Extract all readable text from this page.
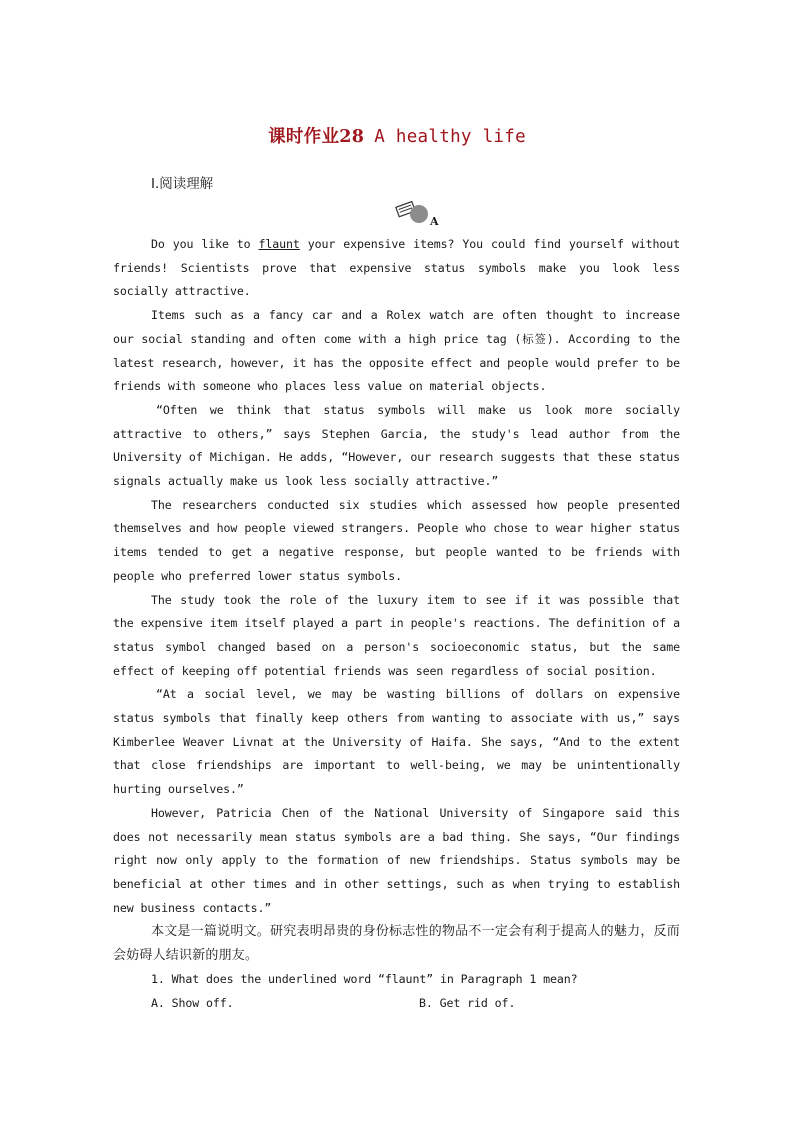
课时作业28 A healthy life
Ⅰ.阅读理解
A

Do you like to flaunt your expensive items? You could find yourself without friends! Scientists prove that expensive status symbols make you look less socially attractive.

Items such as a fancy car and a Rolex watch are often thought to increase our social standing and often come with a high price tag (标签). According to the latest research, however, it has the opposite effect and people would prefer to be friends with someone who places less value on material objects.

“Often we think that status symbols will make us look more socially attractive to others,” says Stephen Garcia, the study's lead author from the University of Michigan. He adds, “However, our research suggests that these status signals actually make us look less socially attractive.”

The researchers conducted six studies which assessed how people presented themselves and how people viewed strangers. People who chose to wear higher status items tended to get a negative response, but people wanted to be friends with people who preferred lower status symbols.

The study took the role of the luxury item to see if it was possible that the expensive item itself played a part in people's reactions. The definition of a status symbol changed based on a person's socioeconomic status, but the same effect of keeping off potential friends was seen regardless of social position.

“At a social level, we may be wasting billions of dollars on expensive status symbols that finally keep others from wanting to associate with us,” says Kimberlee Weaver Livnat at the University of Haifa. She says, “And to the extent that close friendships are important to well-being, we may be unintentionally hurting ourselves.”

However, Patricia Chen of the National University of Singapore said this does not necessarily mean status symbols are a bad thing. She says, “Our findings right now only apply to the formation of new friendships. Status symbols may be beneficial at other times and in other settings, such as when trying to establish new business contacts.”

本文是一篇说明文。研究表明昂贵的身份标志性的物品不一定会有利于提高人的魅力，反而会妨碍人结识新的朋友。

1. What does the underlined word “flaunt” in Paragraph 1 mean?

A. Show off.	B. Get rid of.
